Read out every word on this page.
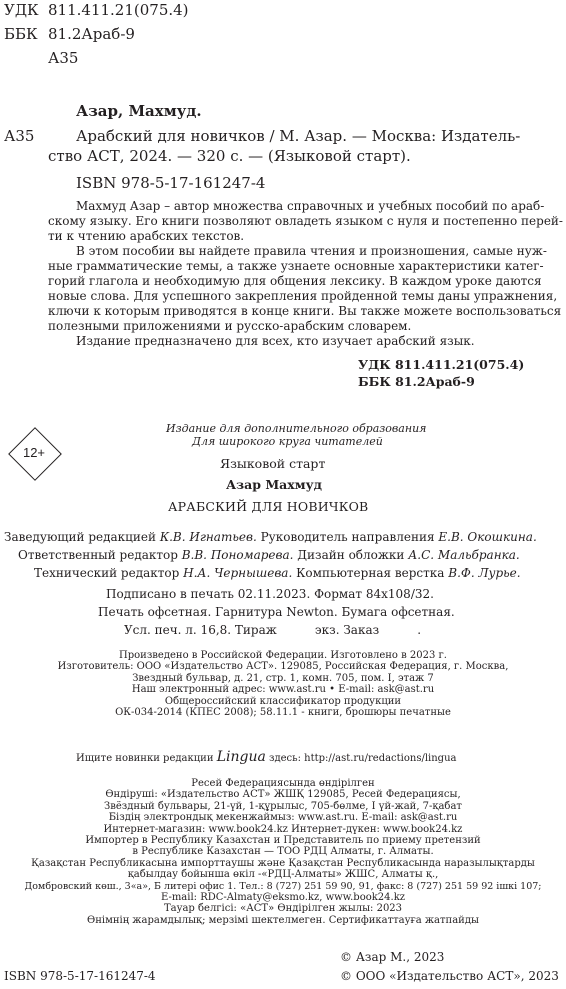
УДК 811.411.21(075.4)
ББК 81.2Араб-9
А35
Азар, Махмуд.
А35	Арабский для новичков / М. Азар. — Москва: Издатель-
ство АСТ, 2024. — 320 с. — (Языковой старт).
ISBN 978-5-17-161247-4
Махмуд Азар – автор множества справочных и учебных пособий по араб-
скому языку. Его книги позволяют овладеть языком с нуля и постепенно перей-
ти к чтению арабских текстов.
В этом пособии вы найдете правила чтения и произношения, самые нуж-
ные грамматические темы, а также узнаете основные характеристики катег-
горий глагола и необходимую для общения лексику. В каждом уроке даются
новые слова. Для успешного закрепления пройденной темы даны упражнения,
ключи к которым приводятся в конце книги. Вы также можете воспользоваться
полезными приложениями и русско-арабским словарем.
Издание предназначено для всех, кто изучает арабский язык.
УДК 811.411.21(075.4)
ББК 81.2Араб-9
Издание для дополнительного образования
Для широкого круга читателей
12+
Языковой старт
Азар Махмуд
АРАБСКИЙ ДЛЯ НОВИЧКОВ
Заведующий редакцией К.В. Игнатьев. Руководитель направления Е.В. Окошкина.
Ответственный редактор В.В. Пономарева. Дизайн обложки А.С. Мальбранка.
Технический редактор Н.А. Чернышева. Компьютерная верстка В.Ф. Лурье.
Подписано в печать 02.11.2023. Формат 84x108/32.
Печать офсетная. Гарнитура Newton. Бумага офсетная.
Усл. печ. л. 16,8. Тираж          экз. Заказ          .
Произведено в Российской Федерации. Изготовлено в 2023 г.
Изготовитель: ООО «Издательство АСТ». 129085, Российская Федерация, г. Москва,
Звездный бульвар, д. 21, стр. 1, комн. 705, пом. I, этаж 7
Наш электронный адрес: www.ast.ru • E-mail: ask@ast.ru
Общероссийский классификатор продукции
ОК-034-2014 (КПЕС 2008); 58.11.1 - книги, брошюры печатные
Ищите новинки редакции Lingua здесь: http://ast.ru/redactions/lingua
Ресей Федерациясында өндірілген
Өндіруші: «Издательство АСТ» ЖШҚ 129085, Ресей Федерациясы,
Звёздный бульвары, 21-үй, 1-құрылыс, 705-бөлме, I үй-жай, 7-қабат
Біздің электрондық мекенжаймыз: www.ast.ru. E-mail: ask@ast.ru
Интернет-магазин: www.book24.kz Интернет-дүкен: www.book24.kz
Импортер в Республику Казахстан и Представитель по приему претензий
в Республике Казахстан — ТОО РДЦ Алматы, г. Алматы.
Қазақстан Республикасына импорттаушы және Қазақстан Республикасында наразылықтарды
қабылдау бойынша өкіл -«РДЦ-Алматы» ЖШС, Алматы қ.,
Домбровский көш., 3«а», Б литері офис 1. Тел.: 8 (727) 251 59 90, 91, факс: 8 (727) 251 59 92 ішкі 107;
E-mail: RDC-Almaty@eksmo.kz, www.book24.kz
Тауар белгісі: «АСТ» Өндірілген жылы: 2023
Өнімнің жарамдылық; мерзімі шектелмеген. Сертификаттауға жатпайды
ISBN 978-5-17-161247-4
© Азар М., 2023
© ООО «Издательство АСТ», 2023
